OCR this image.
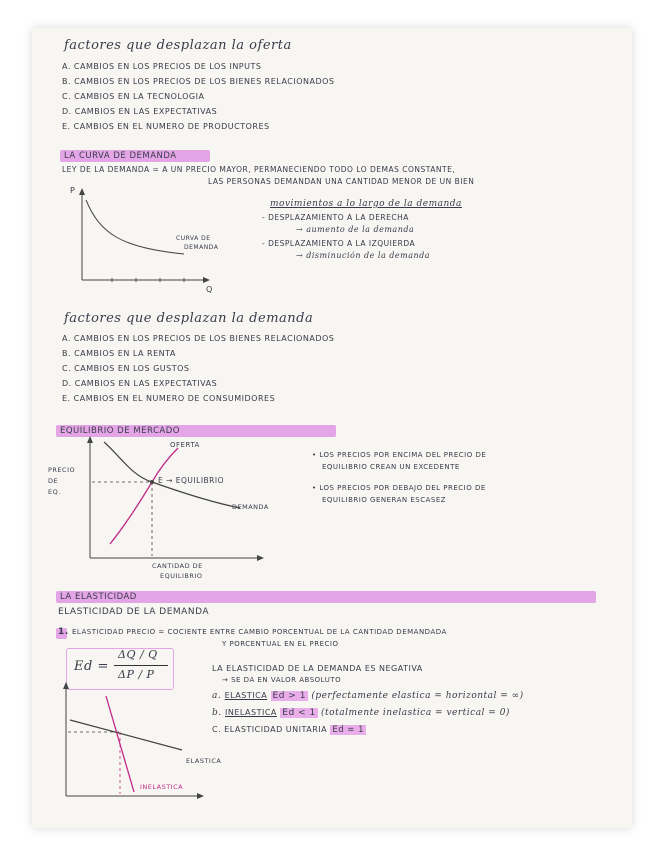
factores que desplazan la oferta
A. CAMBIOS EN LOS PRECIOS DE LOS INPUTS
B. CAMBIOS EN LOS PRECIOS DE LOS BIENES RELACIONADOS
C. CAMBIOS EN LA TECNOLOGIA
D. CAMBIOS EN LAS EXPECTATIVAS
E. CAMBIOS EN EL NUMERO DE PRODUCTORES
LA CURVA DE DEMANDA
LEY DE LA DEMANDA = A UN PRECIO MAYOR, PERMANECIENDO TODO LO DEMAS CONSTANTE,
LAS PERSONAS DEMANDAN UNA CANTIDAD MENOR DE UN BIEN
P
Q
CURVA DE
DEMANDA
movimientos a lo largo de la demanda
- DESPLAZAMIENTO A LA DERECHA
→ aumento de la demanda
- DESPLAZAMIENTO A LA IZQUIERDA
→ disminución de la demanda
factores que desplazan la demanda
A. CAMBIOS EN LOS PRECIOS DE LOS BIENES RELACIONADOS
B. CAMBIOS EN LA RENTA
C. CAMBIOS EN LOS GUSTOS
D. CAMBIOS EN LAS EXPECTATIVAS
E. CAMBIOS EN EL NUMERO DE CONSUMIDORES
EQUILIBRIO DE MERCADO
OFERTA
E → EQUILIBRIO
DEMANDA
PRECIO
DE
EQ.
CANTIDAD DE
EQUILIBRIO
• LOS PRECIOS POR ENCIMA DEL PRECIO DE
EQUILIBRIO CREAN UN EXCEDENTE
• LOS PRECIOS POR DEBAJO DEL PRECIO DE
EQUILIBRIO GENERAN ESCASEZ
LA ELASTICIDAD
ELASTICIDAD DE LA DEMANDA
1. ELASTICIDAD PRECIO = COCIENTE ENTRE CAMBIO PORCENTUAL DE LA CANTIDAD DEMANDADA
Y PORCENTUAL EN EL PRECIO
Ed =
ΔQ / Q
ΔP / P	LA ELASTICIDAD DE LA DEMANDA ES NEGATIVA
→ SE DA EN VALOR ABSOLUTO
a. ELASTICA Ed > 1 (perfectamente elastica = horizontal = ∞)
b. INELASTICA Ed < 1 (totalmente inelastica = vertical = 0)
C. ELASTICIDAD UNITARIA Ed = 1
ELASTICA
INELASTICA
